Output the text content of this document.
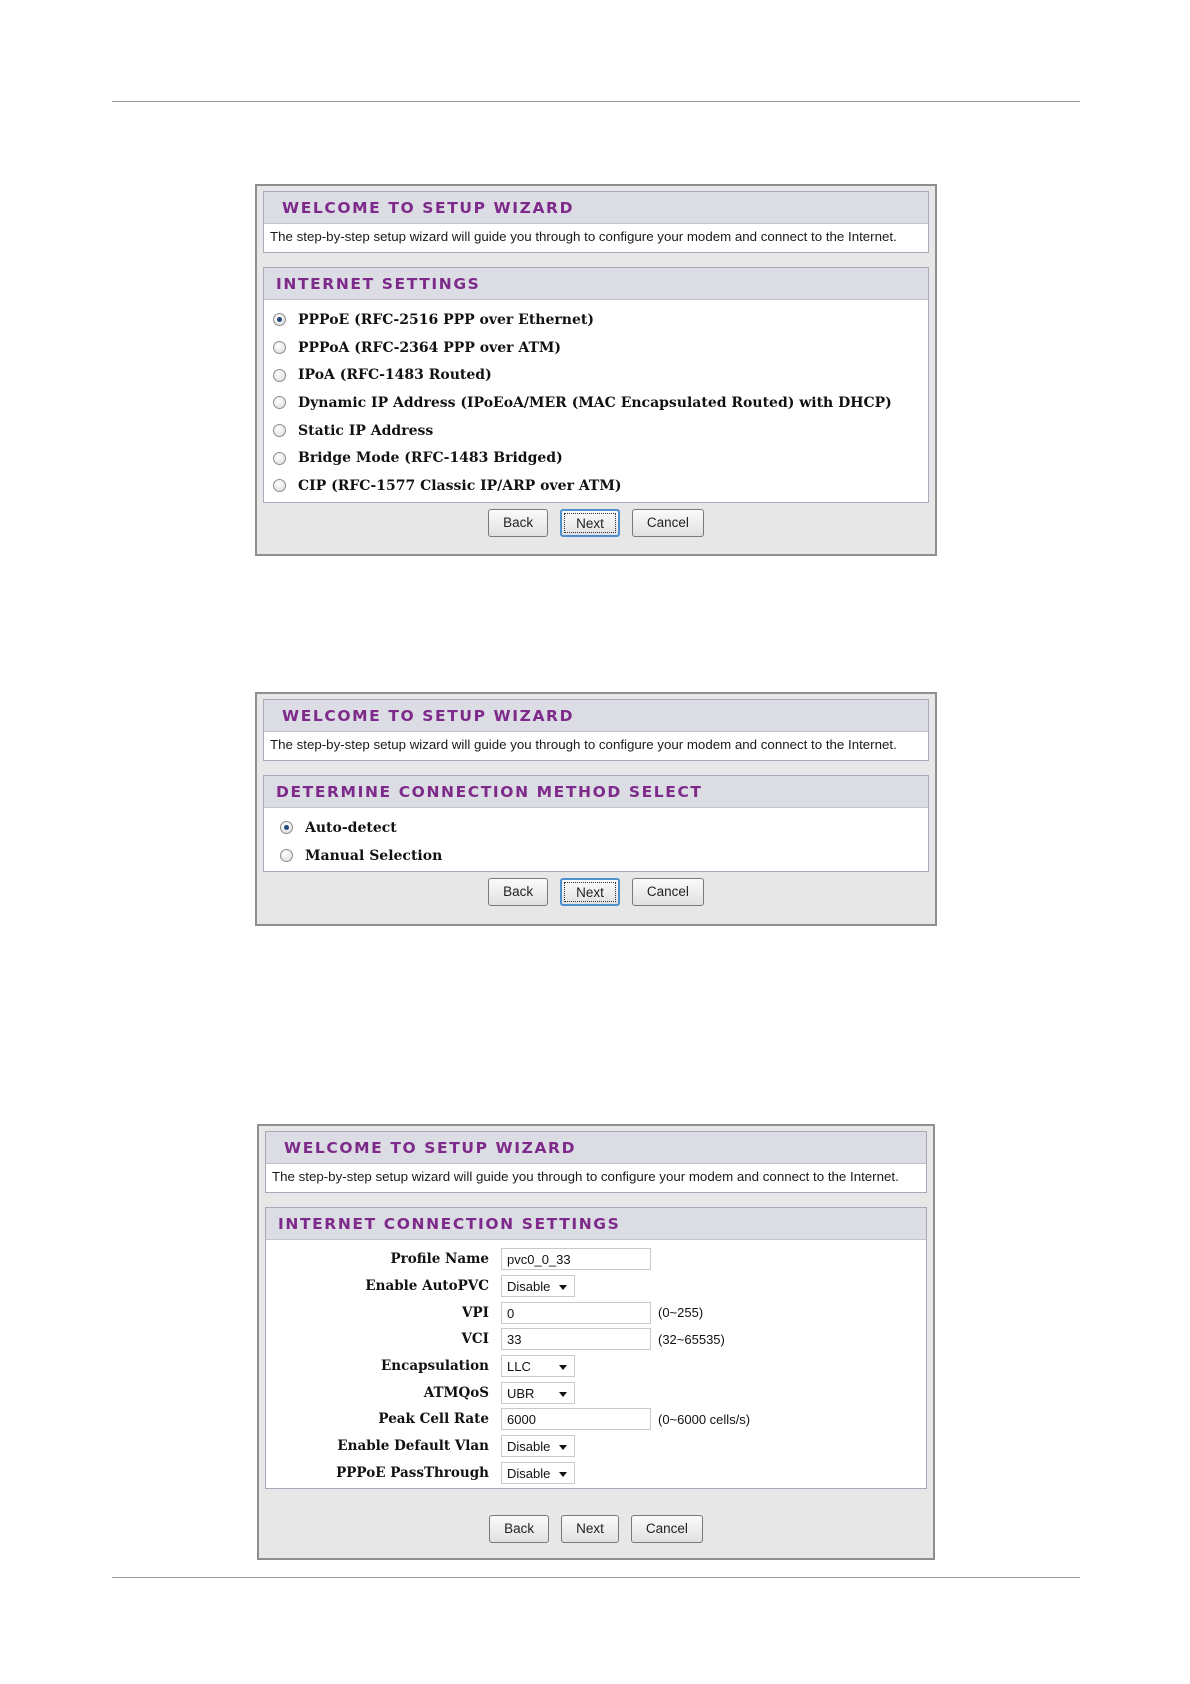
WELCOME TO SETUP WIZARD
The step-by-step setup wizard will guide you through to configure your modem and connect to the Internet.
INTERNET SETTINGS
PPPoE (RFC-2516 PPP over Ethernet)
PPPoA (RFC-2364 PPP over ATM)
IPoA (RFC-1483 Routed)
Dynamic IP Address (IPoEoA/MER (MAC Encapsulated Routed) with DHCP)
Static IP Address
Bridge Mode (RFC-1483 Bridged)
CIP (RFC-1577 Classic IP/ARP over ATM)
Back	Next	Cancel
WELCOME TO SETUP WIZARD
The step-by-step setup wizard will guide you through to configure your modem and connect to the Internet.
DETERMINE CONNECTION METHOD SELECT
Auto-detect
Manual Selection
Back	Next	Cancel
WELCOME TO SETUP WIZARD
The step-by-step setup wizard will guide you through to configure your modem and connect to the Internet.
INTERNET CONNECTION SETTINGS
Profile Name	pvc0_0_33
Enable AutoPVC	Disable
VPI	0	(0~255)
VCI	33	(32~65535)
Encapsulation	LLC
ATMQoS	UBR
Peak Cell Rate	6000	(0~6000 cells/s)
Enable Default Vlan	Disable
PPPoE PassThrough	Disable
Back	Next	Cancel
